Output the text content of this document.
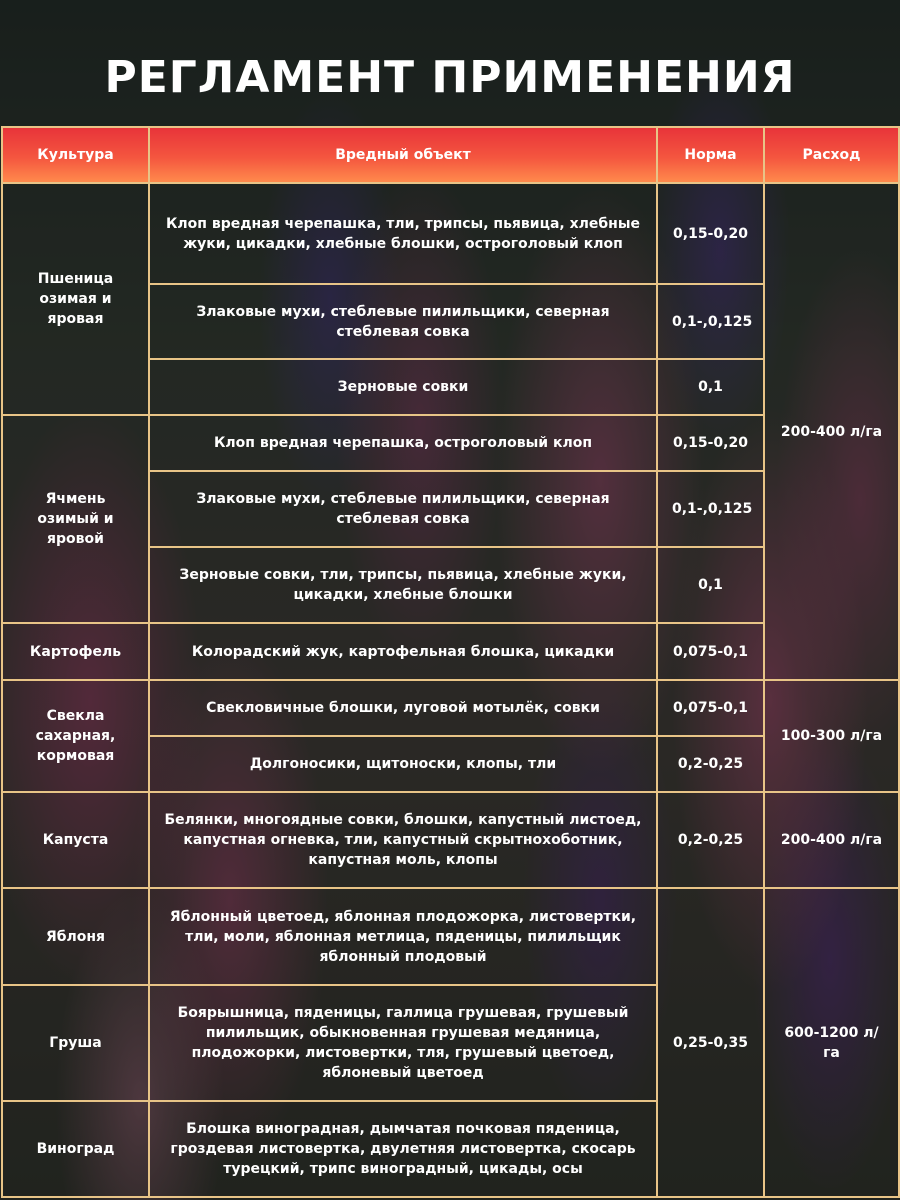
РЕГЛАМЕНТ ПРИМЕНЕНИЯ
Культура	Вредный объект	Норма	Расход
Пшеница озимая и яровая	Клоп вредная черепашка, тли, трипсы, пьявица, хлебные жуки, цикадки, хлебные блошки, остроголовый клоп	0,15-0,20	200-400 л/га
	Злаковые мухи, стеблевые пилильщики, северная стеблевая совка	0,1-,0,125	
	Зерновые совки	0,1	
Ячмень озимый и яровой	Клоп вредная черепашка, остроголовый клоп	0,15-0,20	
	Злаковые мухи, стеблевые пилильщики, северная стеблевая совка	0,1-,0,125	
	Зерновые совки, тли, трипсы, пьявица, хлебные жуки, цикадки, хлебные блошки	0,1	
Картофель	Колорадский жук, картофельная блошка, цикадки	0,075-0,1	
Свекла сахарная, кормовая	Свекловичные блошки, луговой мотылёк, совки	0,075-0,1	100-300 л/га
	Долгоносики, щитоноски, клопы, тли	0,2-0,25	
Капуста	Белянки, многоядные совки, блошки, капустный листоед, капустная огневка, тли, капустный скрытнохоботник, капустная моль, клопы	0,2-0,25	200-400 л/га
Яблоня	Яблонный цветоед, яблонная плодожорка, листовертки, тли, моли, яблонная метлица, пяденицы, пилильщик яблонный плодовый	0,25-0,35	600-1200 л/га
Груша	Боярышница, пяденицы, галлица грушевая, грушевый пилильщик, обыкновенная грушевая медяница, плодожорки, листовертки, тля, грушевый цветоед, яблоневый цветоед		
Виноград	Блошка виноградная, дымчатая почковая пяденица, гроздевая листовертка, двулетняя листовертка, скосарь турецкий, трипс виноградный, цикады, осы		
